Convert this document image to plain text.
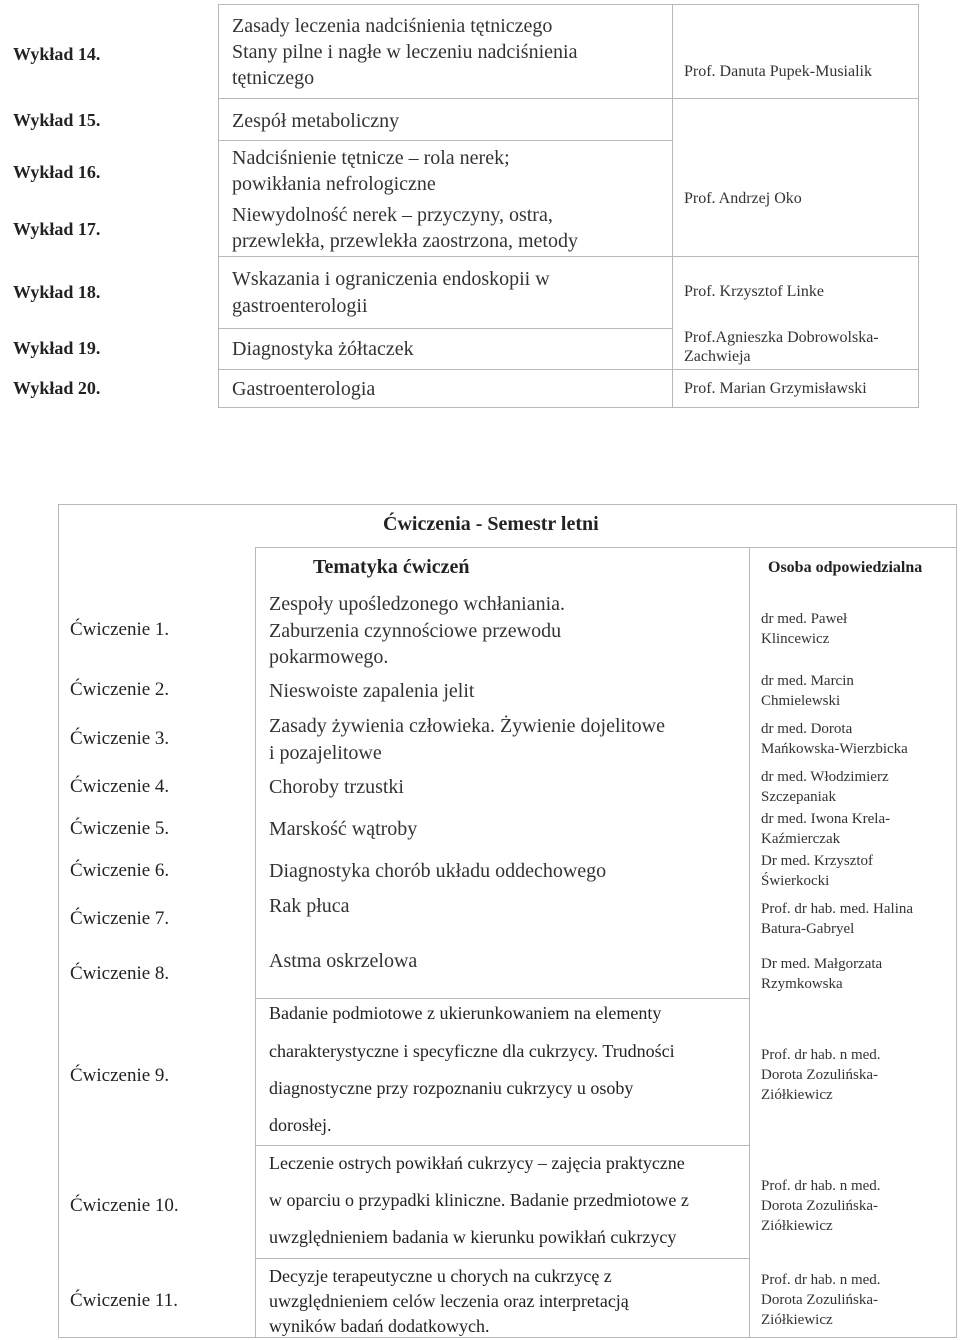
Wykład 14.
Wykład 15.
Wykład 16.
Wykład 17.
Wykład 18.
Wykład 19.
Wykład 20.
Zasady leczenia nadciśnienia tętniczego
Stany pilne i nagłe w leczeniu nadciśnienia
tętniczego
Zespół metaboliczny
Nadciśnienie tętnicze – rola nerek;
powikłania nefrologiczne
Niewydolność nerek – przyczyny, ostra,
przewlekła, przewlekła zaostrzona, metody
Wskazania i ograniczenia endoskopii w
gastroenterologii
Diagnostyka żółtaczek
Gastroenterologia
Prof. Danuta Pupek-Musialik
Prof. Andrzej Oko
Prof. Krzysztof Linke
Prof.Agnieszka Dobrowolska-
Zachwieja
Prof. Marian Grzymisławski
Ćwiczenia - Semestr letni
Tematyka ćwiczeń	Osoba odpowiedzialna
Ćwiczenie 1.
Ćwiczenie 2.
Ćwiczenie 3.
Ćwiczenie 4.
Ćwiczenie 5.
Ćwiczenie 6.
Ćwiczenie 7.
Ćwiczenie 8.
Ćwiczenie 9.
Ćwiczenie 10.
Ćwiczenie 11.
Zespoły upośledzonego wchłaniania.
Zaburzenia czynnościowe przewodu
pokarmowego.
Nieswoiste zapalenia jelit
Zasady żywienia człowieka. Żywienie dojelitowe
i pozajelitowe
Choroby trzustki
Marskość wątroby
Diagnostyka chorób układu oddechowego
Rak płuca
Astma oskrzelowa
Badanie podmiotowe z ukierunkowaniem na elementy
charakterystyczne i specyficzne dla cukrzycy. Trudności
diagnostyczne przy rozpoznaniu cukrzycy u osoby
dorosłej.
Leczenie ostrych powikłań cukrzycy – zajęcia praktyczne
w oparciu o przypadki kliniczne. Badanie przedmiotowe z
uwzględnieniem badania w kierunku powikłań cukrzycy
Decyzje terapeutyczne u chorych na cukrzycę z
uwzględnieniem celów leczenia oraz interpretacją
wyników badań dodatkowych.
dr med. Paweł
Klincewicz
dr med. Marcin
Chmielewski
dr med. Dorota
Mańkowska-Wierzbicka
dr med. Włodzimierz
Szczepaniak
dr med. Iwona Krela-
Kaźmierczak
Dr med. Krzysztof
Świerkocki
Prof. dr hab. med. Halina
Batura-Gabryel
Dr med. Małgorzata
Rzymkowska
Prof. dr hab. n med.
Dorota Zozulińska-
Ziółkiewicz
Prof. dr hab. n med.
Dorota Zozulińska-
Ziółkiewicz
Prof. dr hab. n med.
Dorota Zozulińska-
Ziółkiewicz
